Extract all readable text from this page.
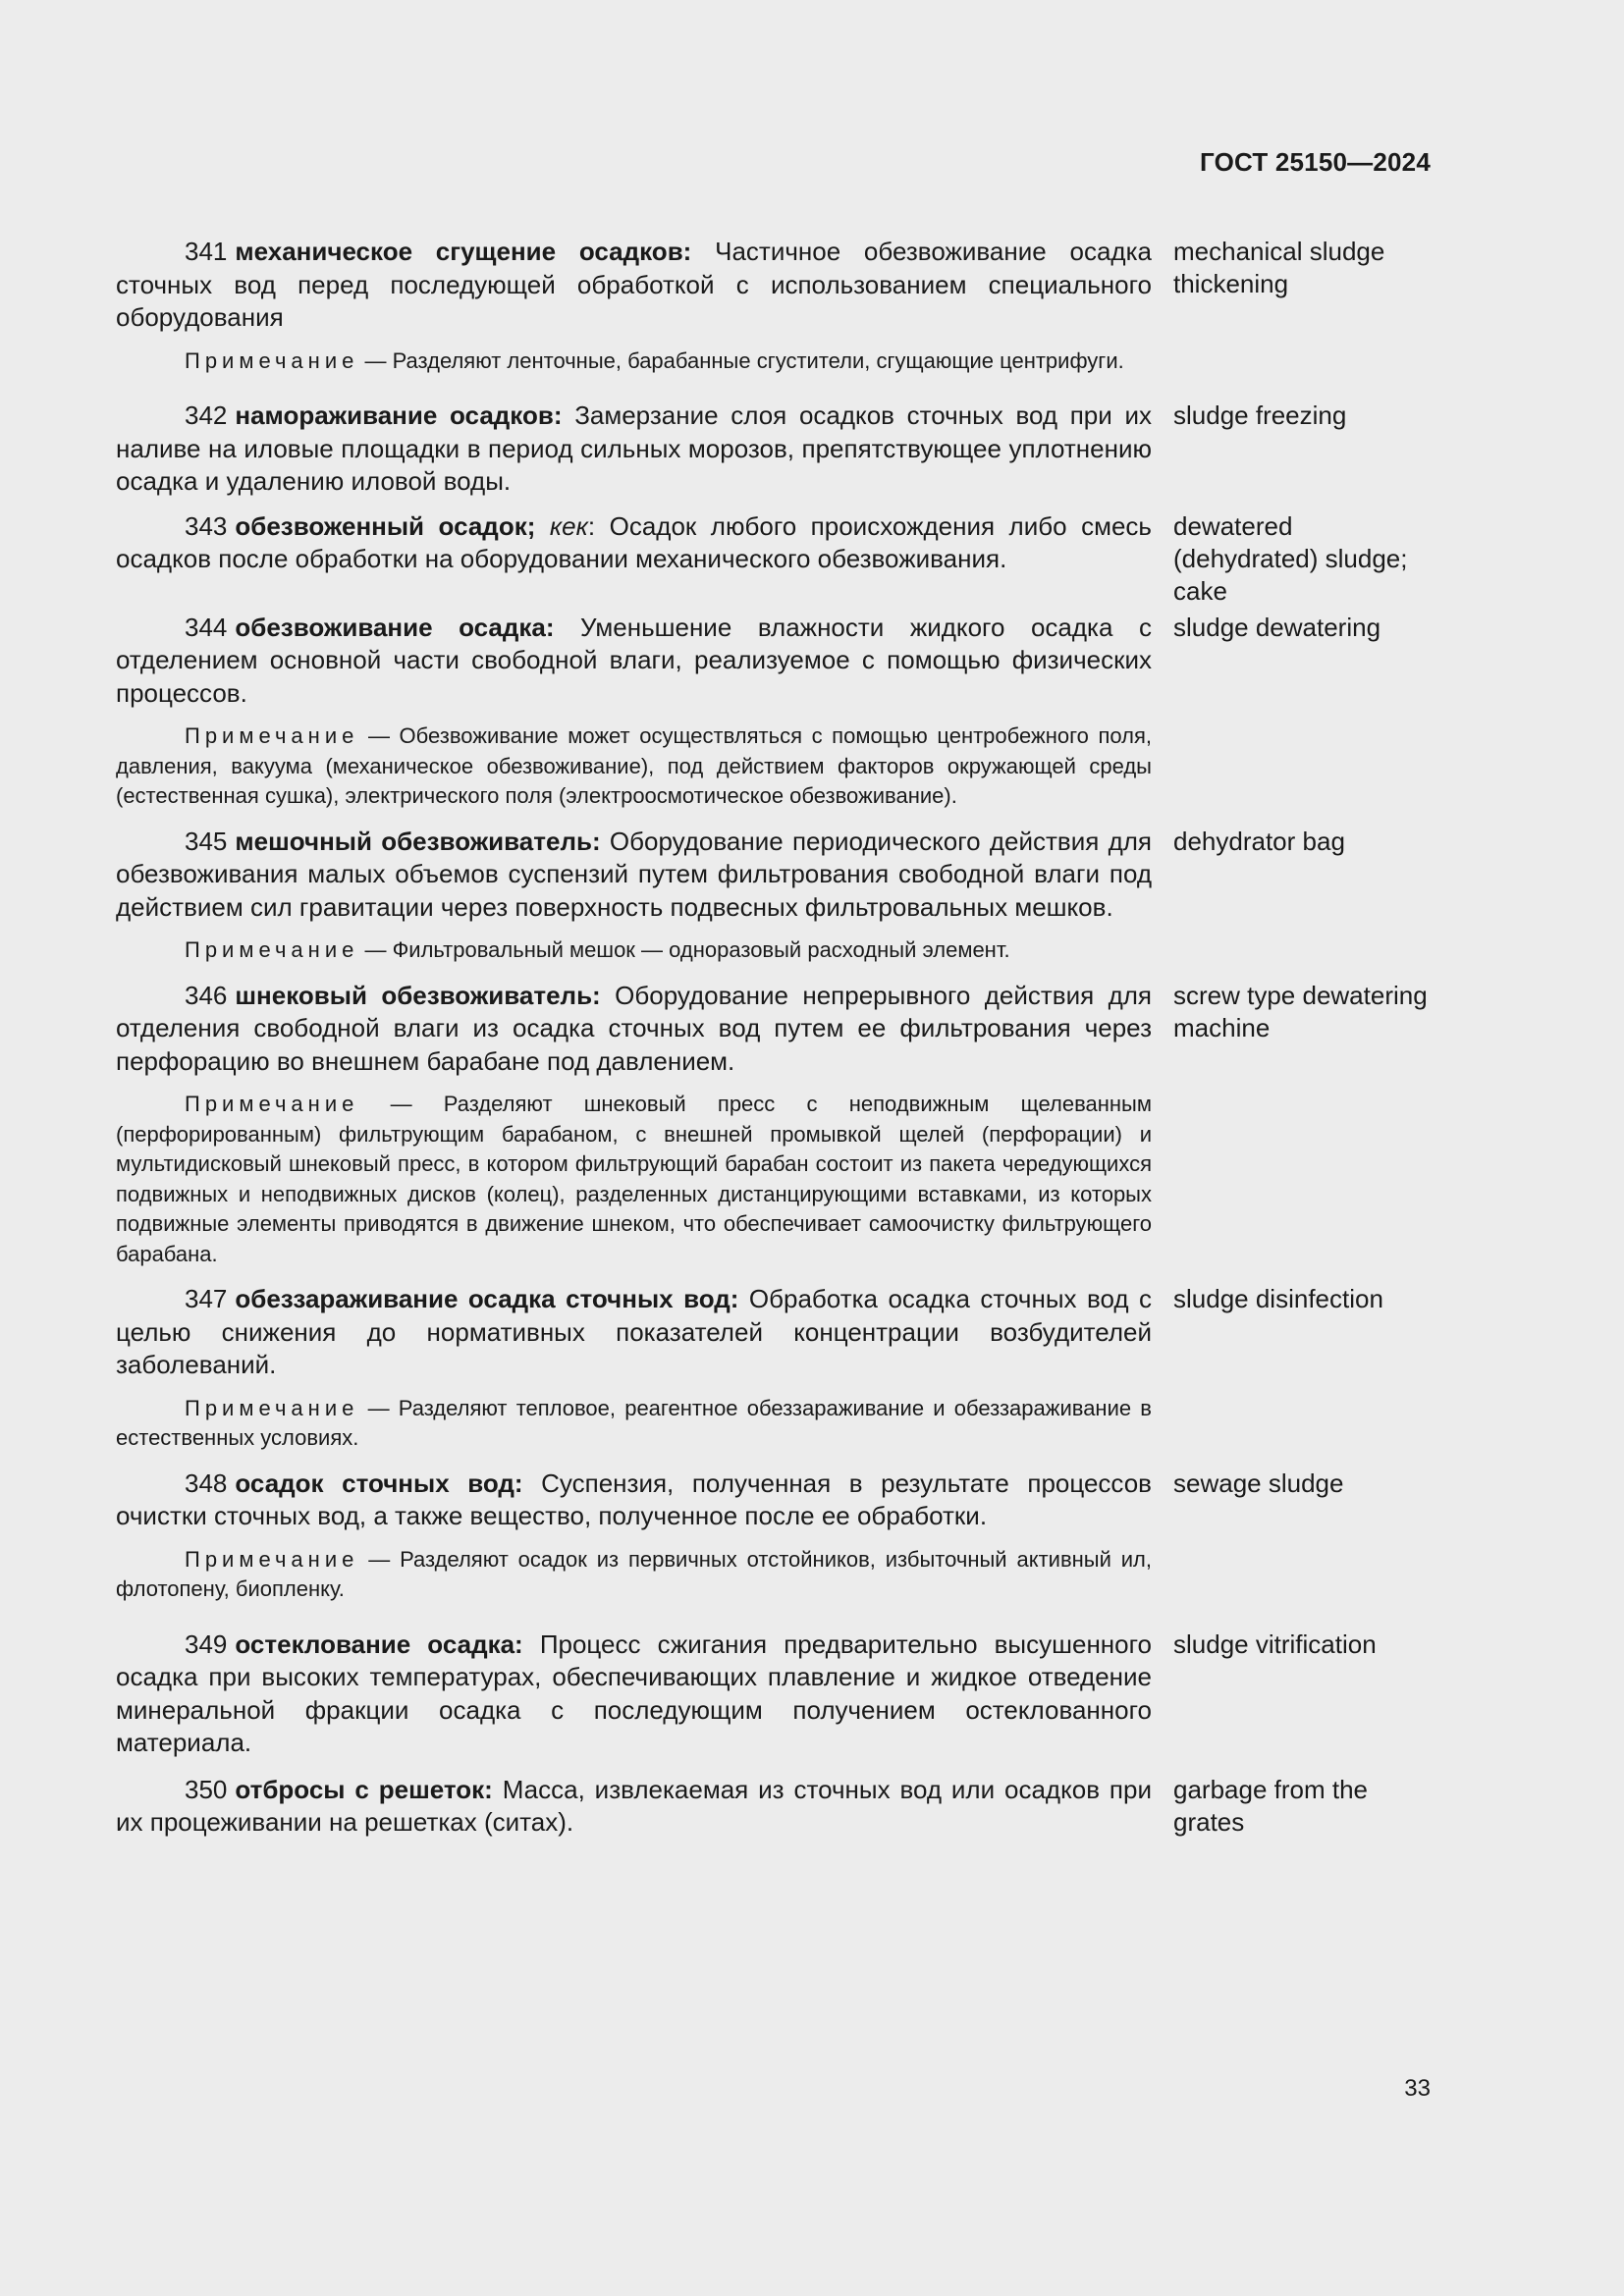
ГОСТ 25150—2024

341 механическое сгущение осадков: Частичное обезвоживание осадка сточных вод перед последующей обработкой с использованием специального оборудования

Примечание — Разделяют ленточные, барабанные сгустители, сгущающие центрифуги.

mechanical sludge thickening

342 намораживание осадков: Замерзание слоя осадков сточных вод при их наливе на иловые площадки в период сильных морозов, препятствующее уплотнению осадка и удалению иловой воды.

sludge freezing

343 обезвоженный осадок; кек: Осадок любого происхождения либо смесь осадков после обработки на оборудовании механического обезвоживания.

dewatered (dehydrated) sludge; cake

344 обезвоживание осадка: Уменьшение влажности жидкого осадка с отделением основной части свободной влаги, реализуемое с помощью физических процессов.

Примечание — Обезвоживание может осуществляться с помощью центробежного поля, давления, вакуума (механическое обезвоживание), под действием факторов окружающей среды (естественная сушка), электрического поля (электроосмотическое обезвоживание).

sludge dewatering

345 мешочный обезвоживатель: Оборудование периодического действия для обезвоживания малых объемов суспензий путем фильтрования свободной влаги под действием сил гравитации через поверхность подвесных фильтровальных мешков.

Примечание — Фильтровальный мешок — одноразовый расходный элемент.

dehydrator bag

346 шнековый обезвоживатель: Оборудование непрерывного действия для отделения свободной влаги из осадка сточных вод путем ее фильтрования через перфорацию во внешнем барабане под давлением.

Примечание — Разделяют шнековый пресс с неподвижным щелеванным (перфорированным) фильтрующим барабаном, с внешней промывкой щелей (перфорации) и мультидисковый шнековый пресс, в котором фильтрующий барабан состоит из пакета чередующихся подвижных и неподвижных дисков (колец), разделенных дистанцирующими вставками, из которых подвижные элементы приводятся в движение шнеком, что обеспечивает самоочистку фильтрующего барабана.

screw type dewatering machine

347 обеззараживание осадка сточных вод: Обработка осадка сточных вод с целью снижения до нормативных показателей концентрации возбудителей заболеваний.

Примечание — Разделяют тепловое, реагентное обеззараживание и обеззараживание в естественных условиях.

sludge disinfection

348 осадок сточных вод: Суспензия, полученная в результате процессов очистки сточных вод, а также вещество, полученное после ее обработки.

Примечание — Разделяют осадок из первичных отстойников, избыточный активный ил, флотопену, биопленку.

sewage sludge

349 остеклование осадка: Процесс сжигания предварительно высушенного осадка при высоких температурах, обеспечивающих плавление и жидкое отведение минеральной фракции осадка с последующим получением остеклованного материала.

sludge vitrification

350 отбросы с решеток: Масса, извлекаемая из сточных вод или осадков при их процеживании на решетках (ситах).

garbage from the grates
33
